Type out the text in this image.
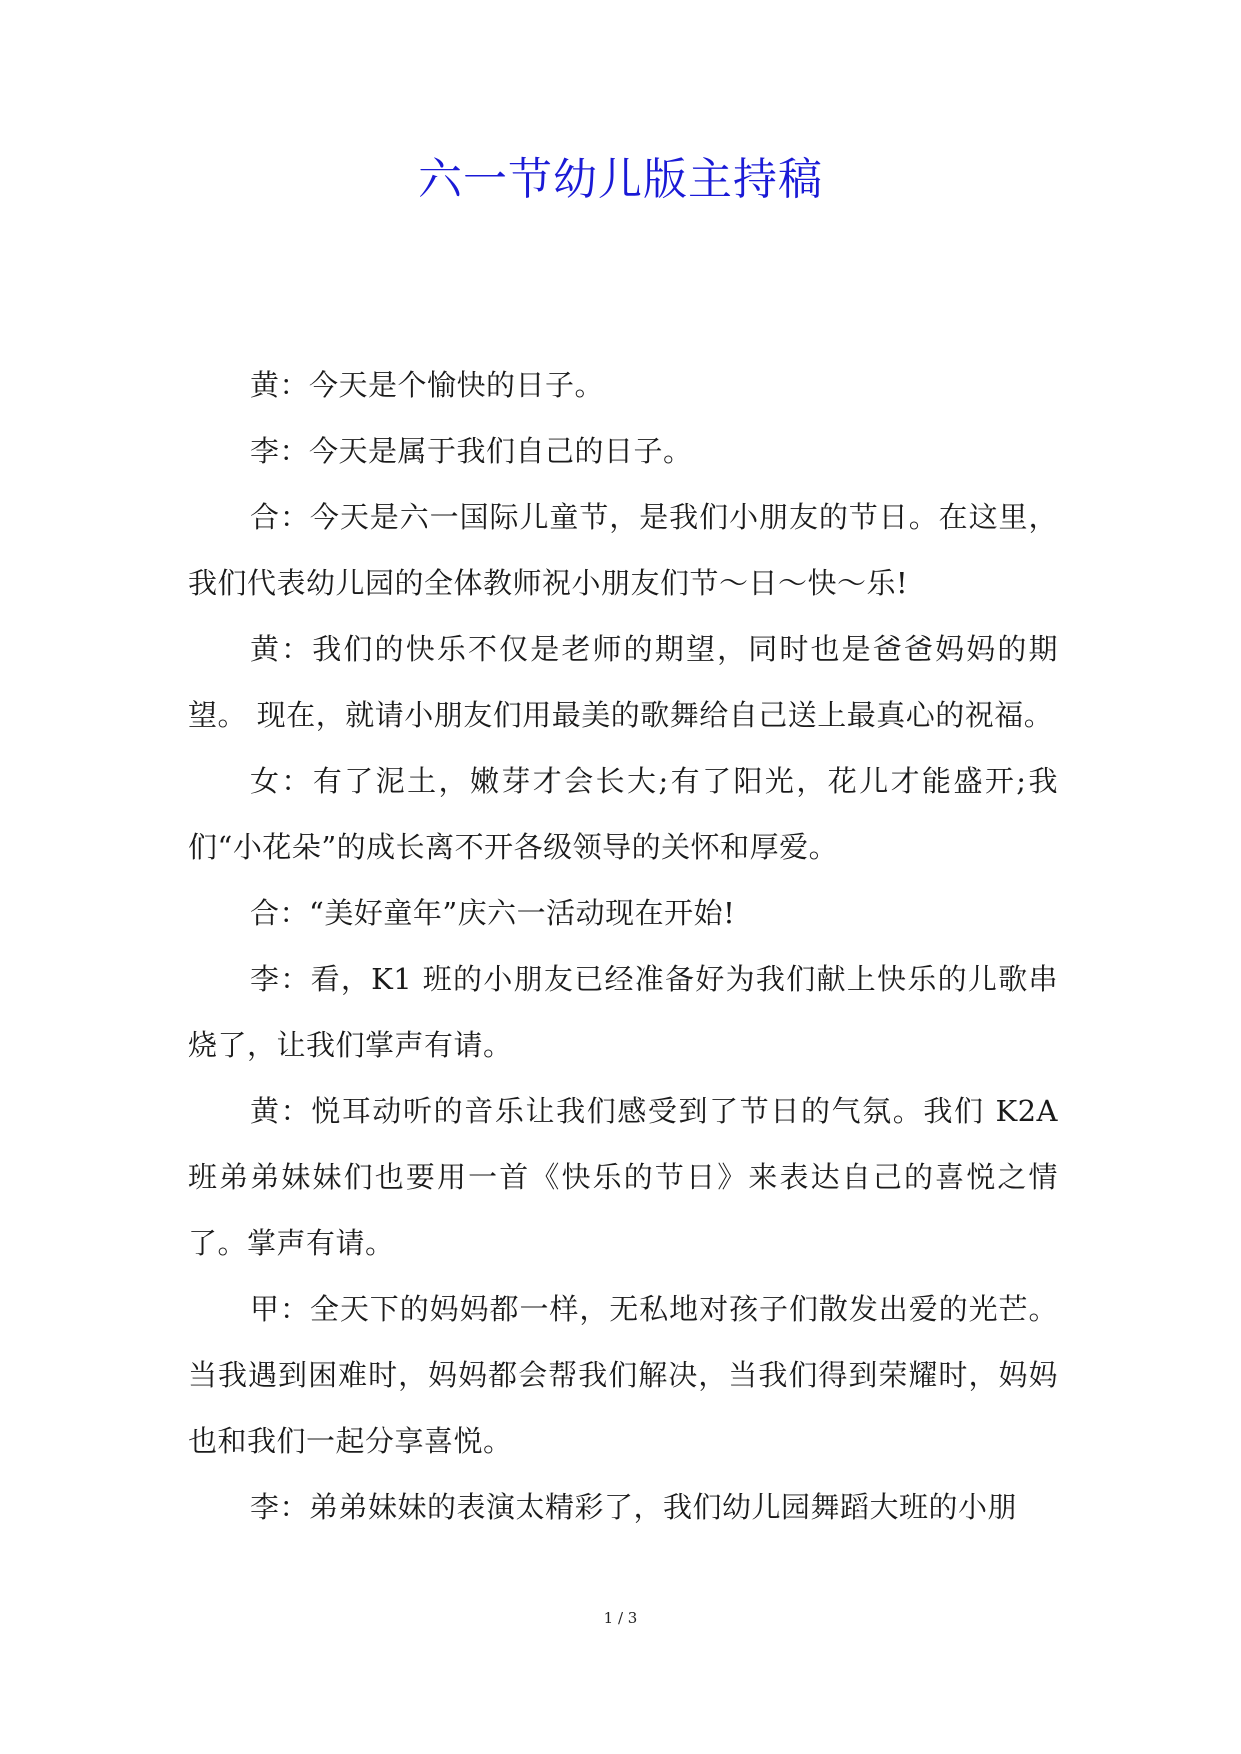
六一节幼儿版主持稿

黄：今天是个愉快的日子。

李：今天是属于我们自己的日子。

合：今天是六一国际儿童节，是我们小朋友的节日。在这里，我们代表幼儿园的全体教师祝小朋友们节～日～快～乐!

黄：我们的快乐不仅是老师的期望，同时也是爸爸妈妈的期望。 现在，就请小朋友们用最美的歌舞给自己送上最真心的祝福。

女：有了泥土，嫩芽才会长大;有了阳光，花儿才能盛开;我们“小花朵”的成长离不开各级领导的关怀和厚爱。

合：“美好童年”庆六一活动现在开始!

李：看，K1 班的小朋友已经准备好为我们献上快乐的儿歌串烧了，让我们掌声有请。

黄：悦耳动听的音乐让我们感受到了节日的气氛。我们 K2A 班弟弟妹妹们也要用一首《快乐的节日》来表达自己的喜悦之情了。掌声有请。

甲：全天下的妈妈都一样，无私地对孩子们散发出爱的光芒。当我遇到困难时，妈妈都会帮我们解决，当我们得到荣耀时，妈妈也和我们一起分享喜悦。

李：弟弟妹妹的表演太精彩了，我们幼儿园舞蹈大班的小朋

1 / 3
